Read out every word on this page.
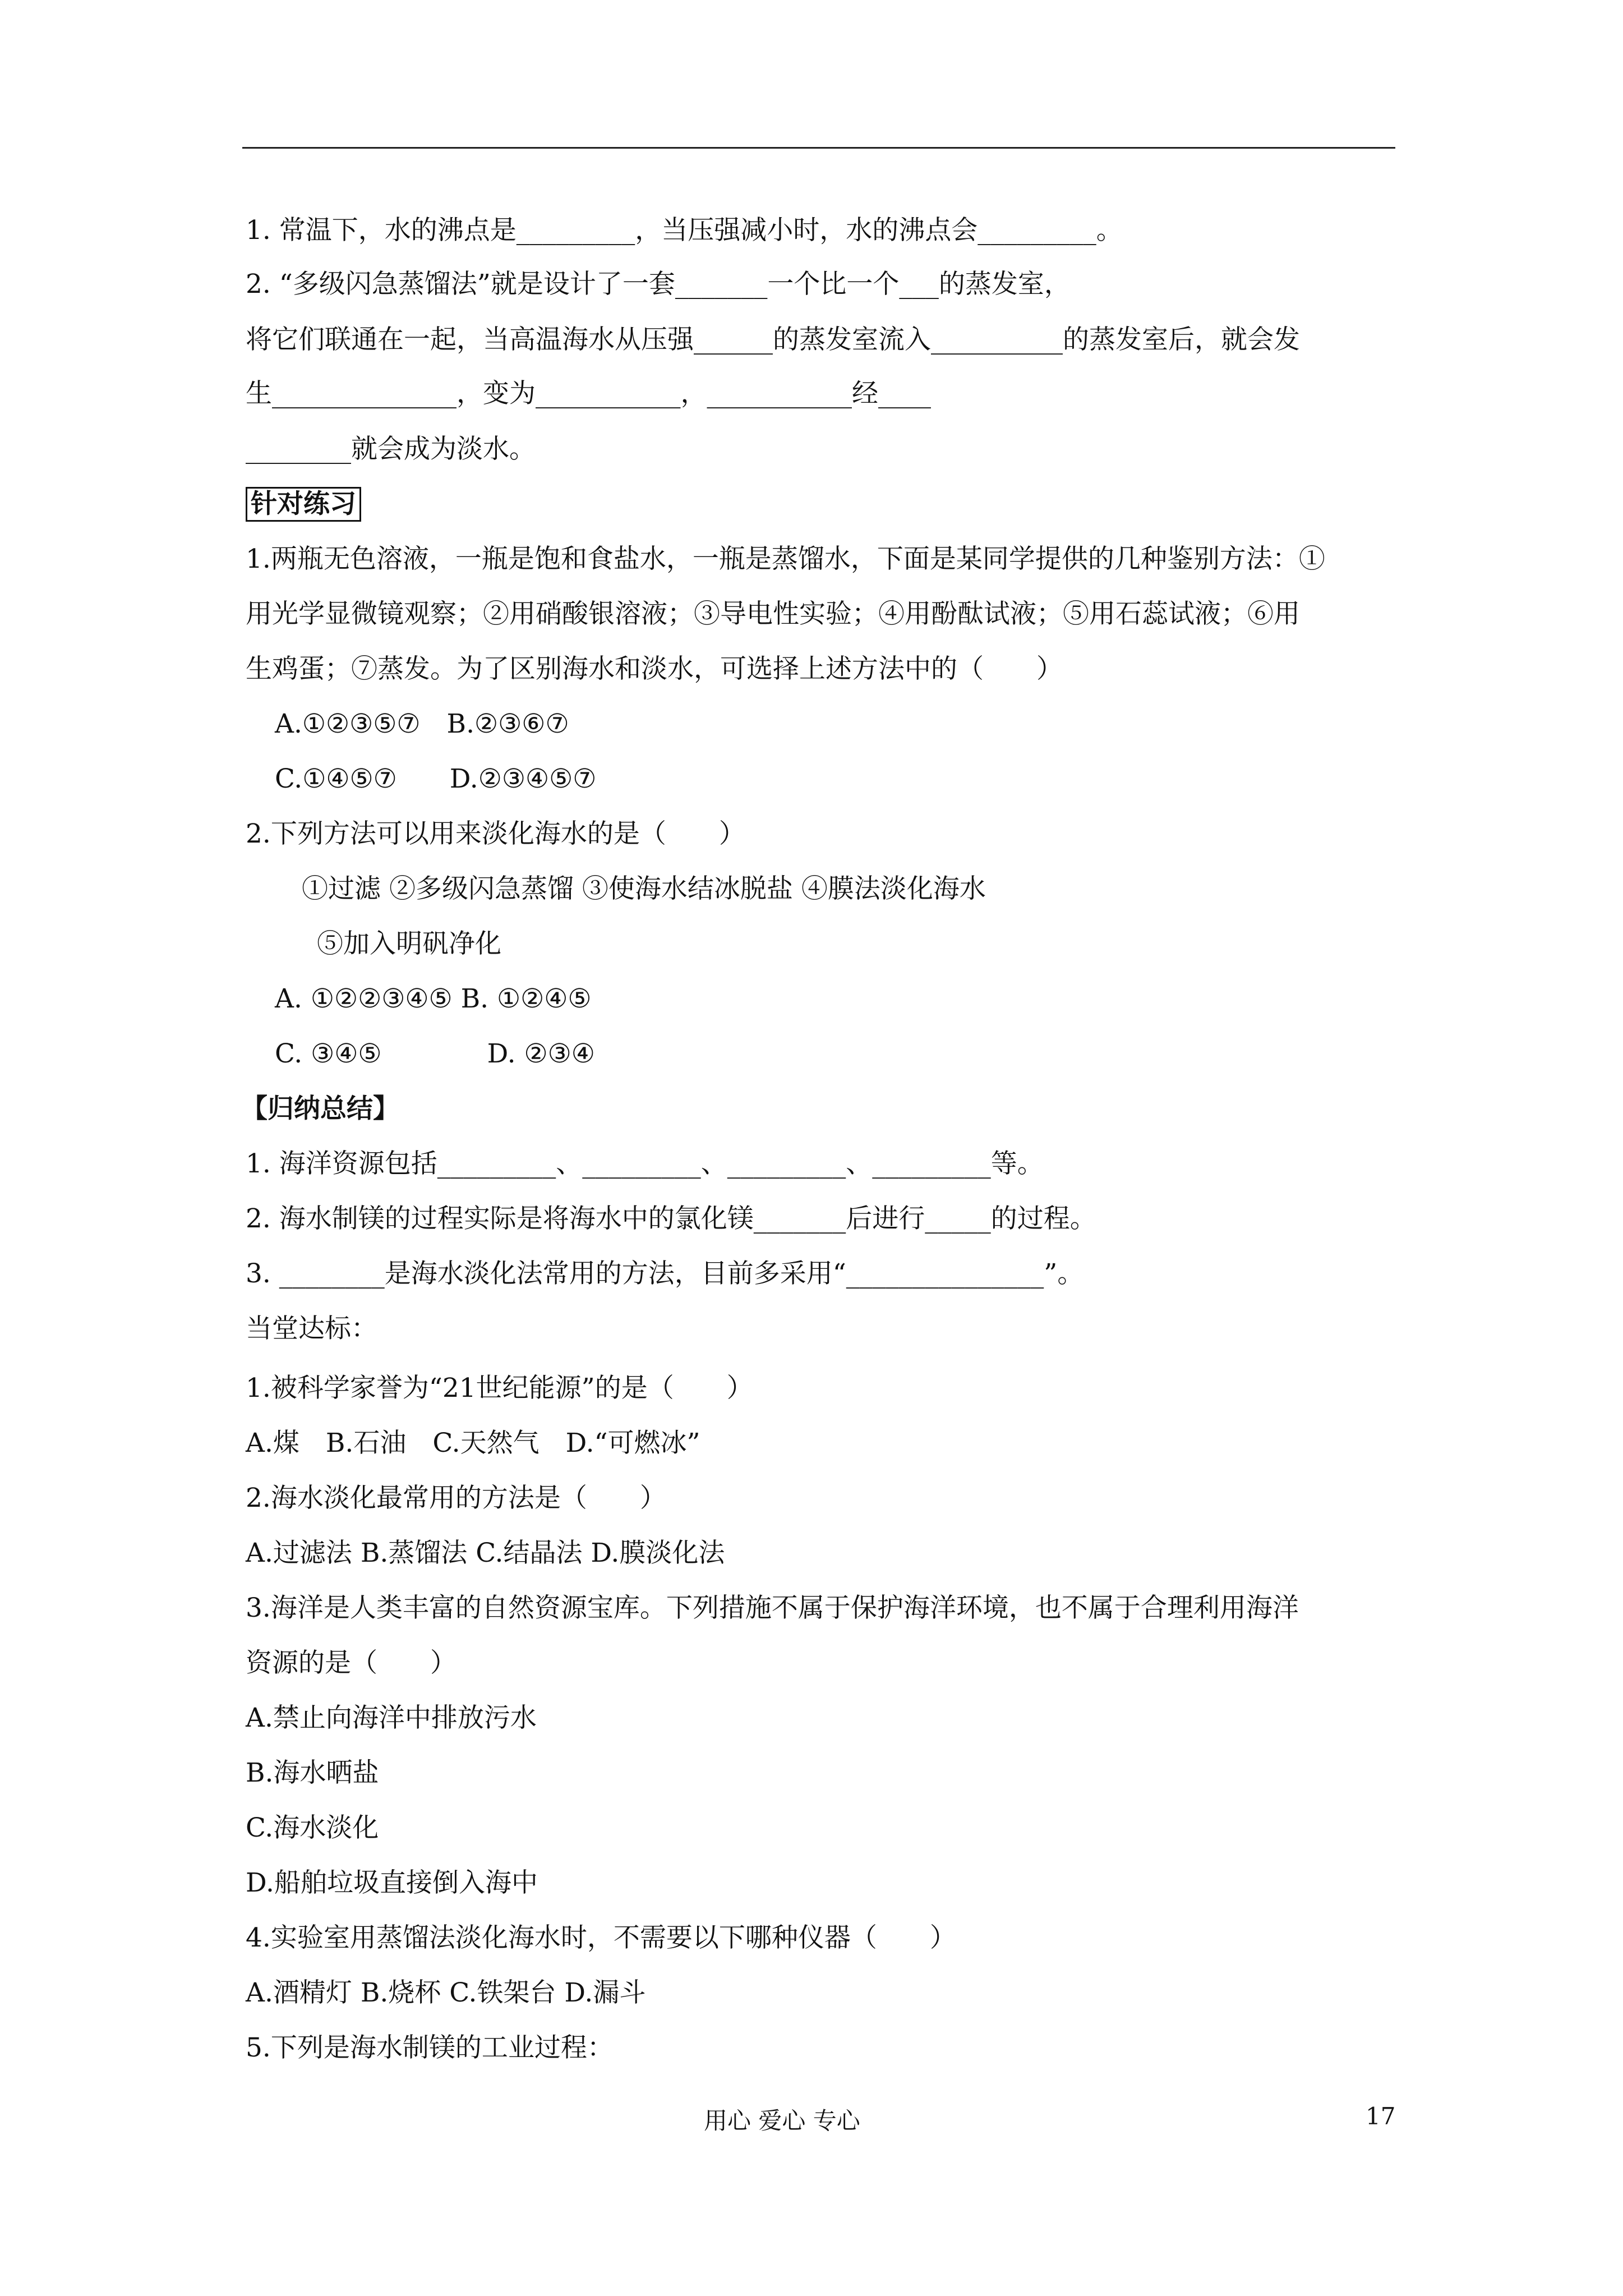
1. 常温下，水的沸点是_________，当压强减小时，水的沸点会_________。
2. “多级闪急蒸馏法”就是设计了一套_______一个比一个___的蒸发室，
将它们联通在一起，当高温海水从压强______的蒸发室流入__________的蒸发室后，就会发
生______________，变为___________，___________经____
________就会成为淡水。
针对练习
1.两瓶无色溶液，一瓶是饱和食盐水，一瓶是蒸馏水，下面是某同学提供的几种鉴别方法：①
用光学显微镜观察；②用硝酸银溶液；③导电性实验；④用酚酞试液；⑤用石蕊试液；⑥用
生鸡蛋；⑦蒸发。为了区别海水和淡水，可选择上述方法中的（　　）
A.①②③⑤⑦　B.②③⑥⑦
C.①④⑤⑦　　D.②③④⑤⑦
2.下列方法可以用来淡化海水的是（　　）
①过滤 ②多级闪急蒸馏 ③使海水结冰脱盐 ④膜法淡化海水
⑤加入明矾净化
A. ①②②③④⑤ B. ①②④⑤
C. ③④⑤　　　　D. ②③④
【归纳总结】
1. 海洋资源包括_________、_________、_________、_________等。
2. 海水制镁的过程实际是将海水中的氯化镁_______后进行_____的过程。
3. ________是海水淡化法常用的方法，目前多采用“_______________”。
当堂达标：
1.被科学家誉为“21世纪能源”的是（　　）
A.煤　B.石油　C.天然气　D.“可燃冰”
2.海水淡化最常用的方法是（　　）
A.过滤法 B.蒸馏法 C.结晶法 D.膜淡化法
3.海洋是人类丰富的自然资源宝库。下列措施不属于保护海洋环境，也不属于合理利用海洋
资源的是（　　）
A.禁止向海洋中排放污水
B.海水晒盐
C.海水淡化
D.船舶垃圾直接倒入海中
4.实验室用蒸馏法淡化海水时，不需要以下哪种仪器（　　）
A.酒精灯 B.烧杯 C.铁架台 D.漏斗
5.下列是海水制镁的工业过程：
用心 爱心 专心	17
